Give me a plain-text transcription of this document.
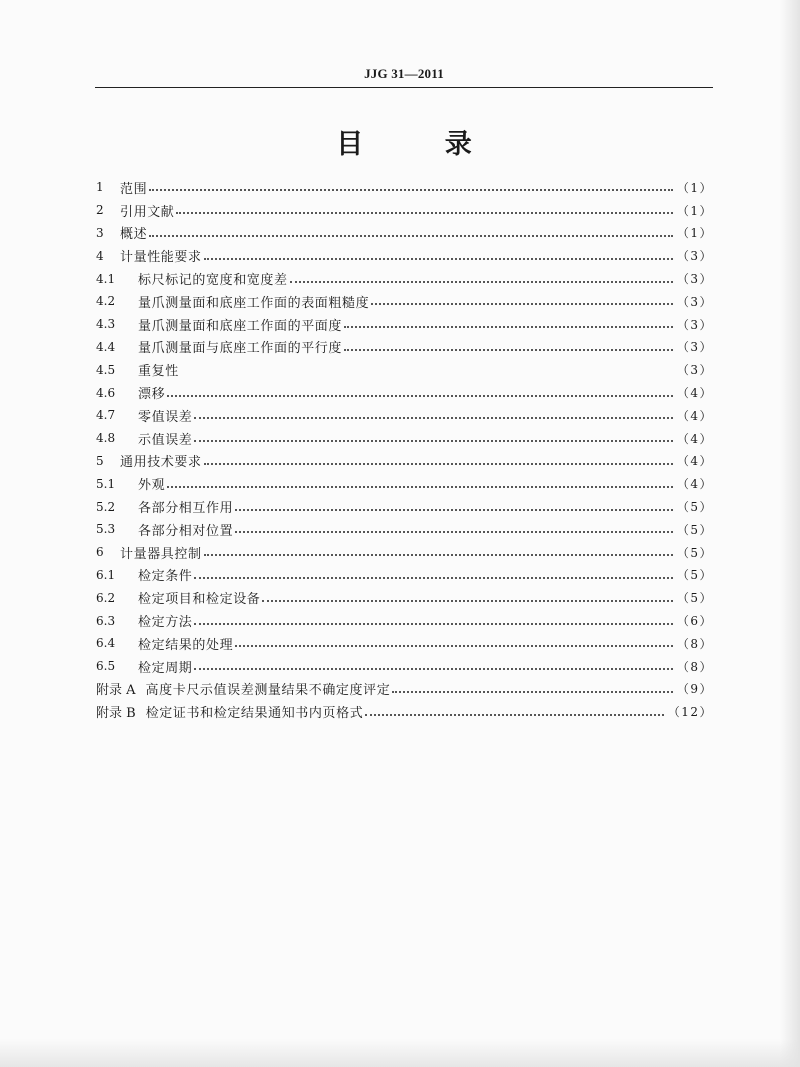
JJG 31—2011
目 录
1	范围	（1）
2	引用文献	（1）
3	概述	（1）
4	计量性能要求	（3）
4.1	标尺标记的宽度和宽度差	（3）
4.2	量爪测量面和底座工作面的表面粗糙度	（3）
4.3	量爪测量面和底座工作面的平面度	（3）
4.4	量爪测量面与底座工作面的平行度	（3）
4.5	重复性	（3）
4.6	漂移	（4）
4.7	零值误差	（4）
4.8	示值误差	（4）
5	通用技术要求	（4）
5.1	外观	（4）
5.2	各部分相互作用	（5）
5.3	各部分相对位置	（5）
6	计量器具控制	（5）
6.1	检定条件	（5）
6.2	检定项目和检定设备	（5）
6.3	检定方法	（6）
6.4	检定结果的处理	（8）
6.5	检定周期	（8）
附录 A 高度卡尺示值误差测量结果不确定度评定	（9）
附录 B 检定证书和检定结果通知书内页格式	（12）
